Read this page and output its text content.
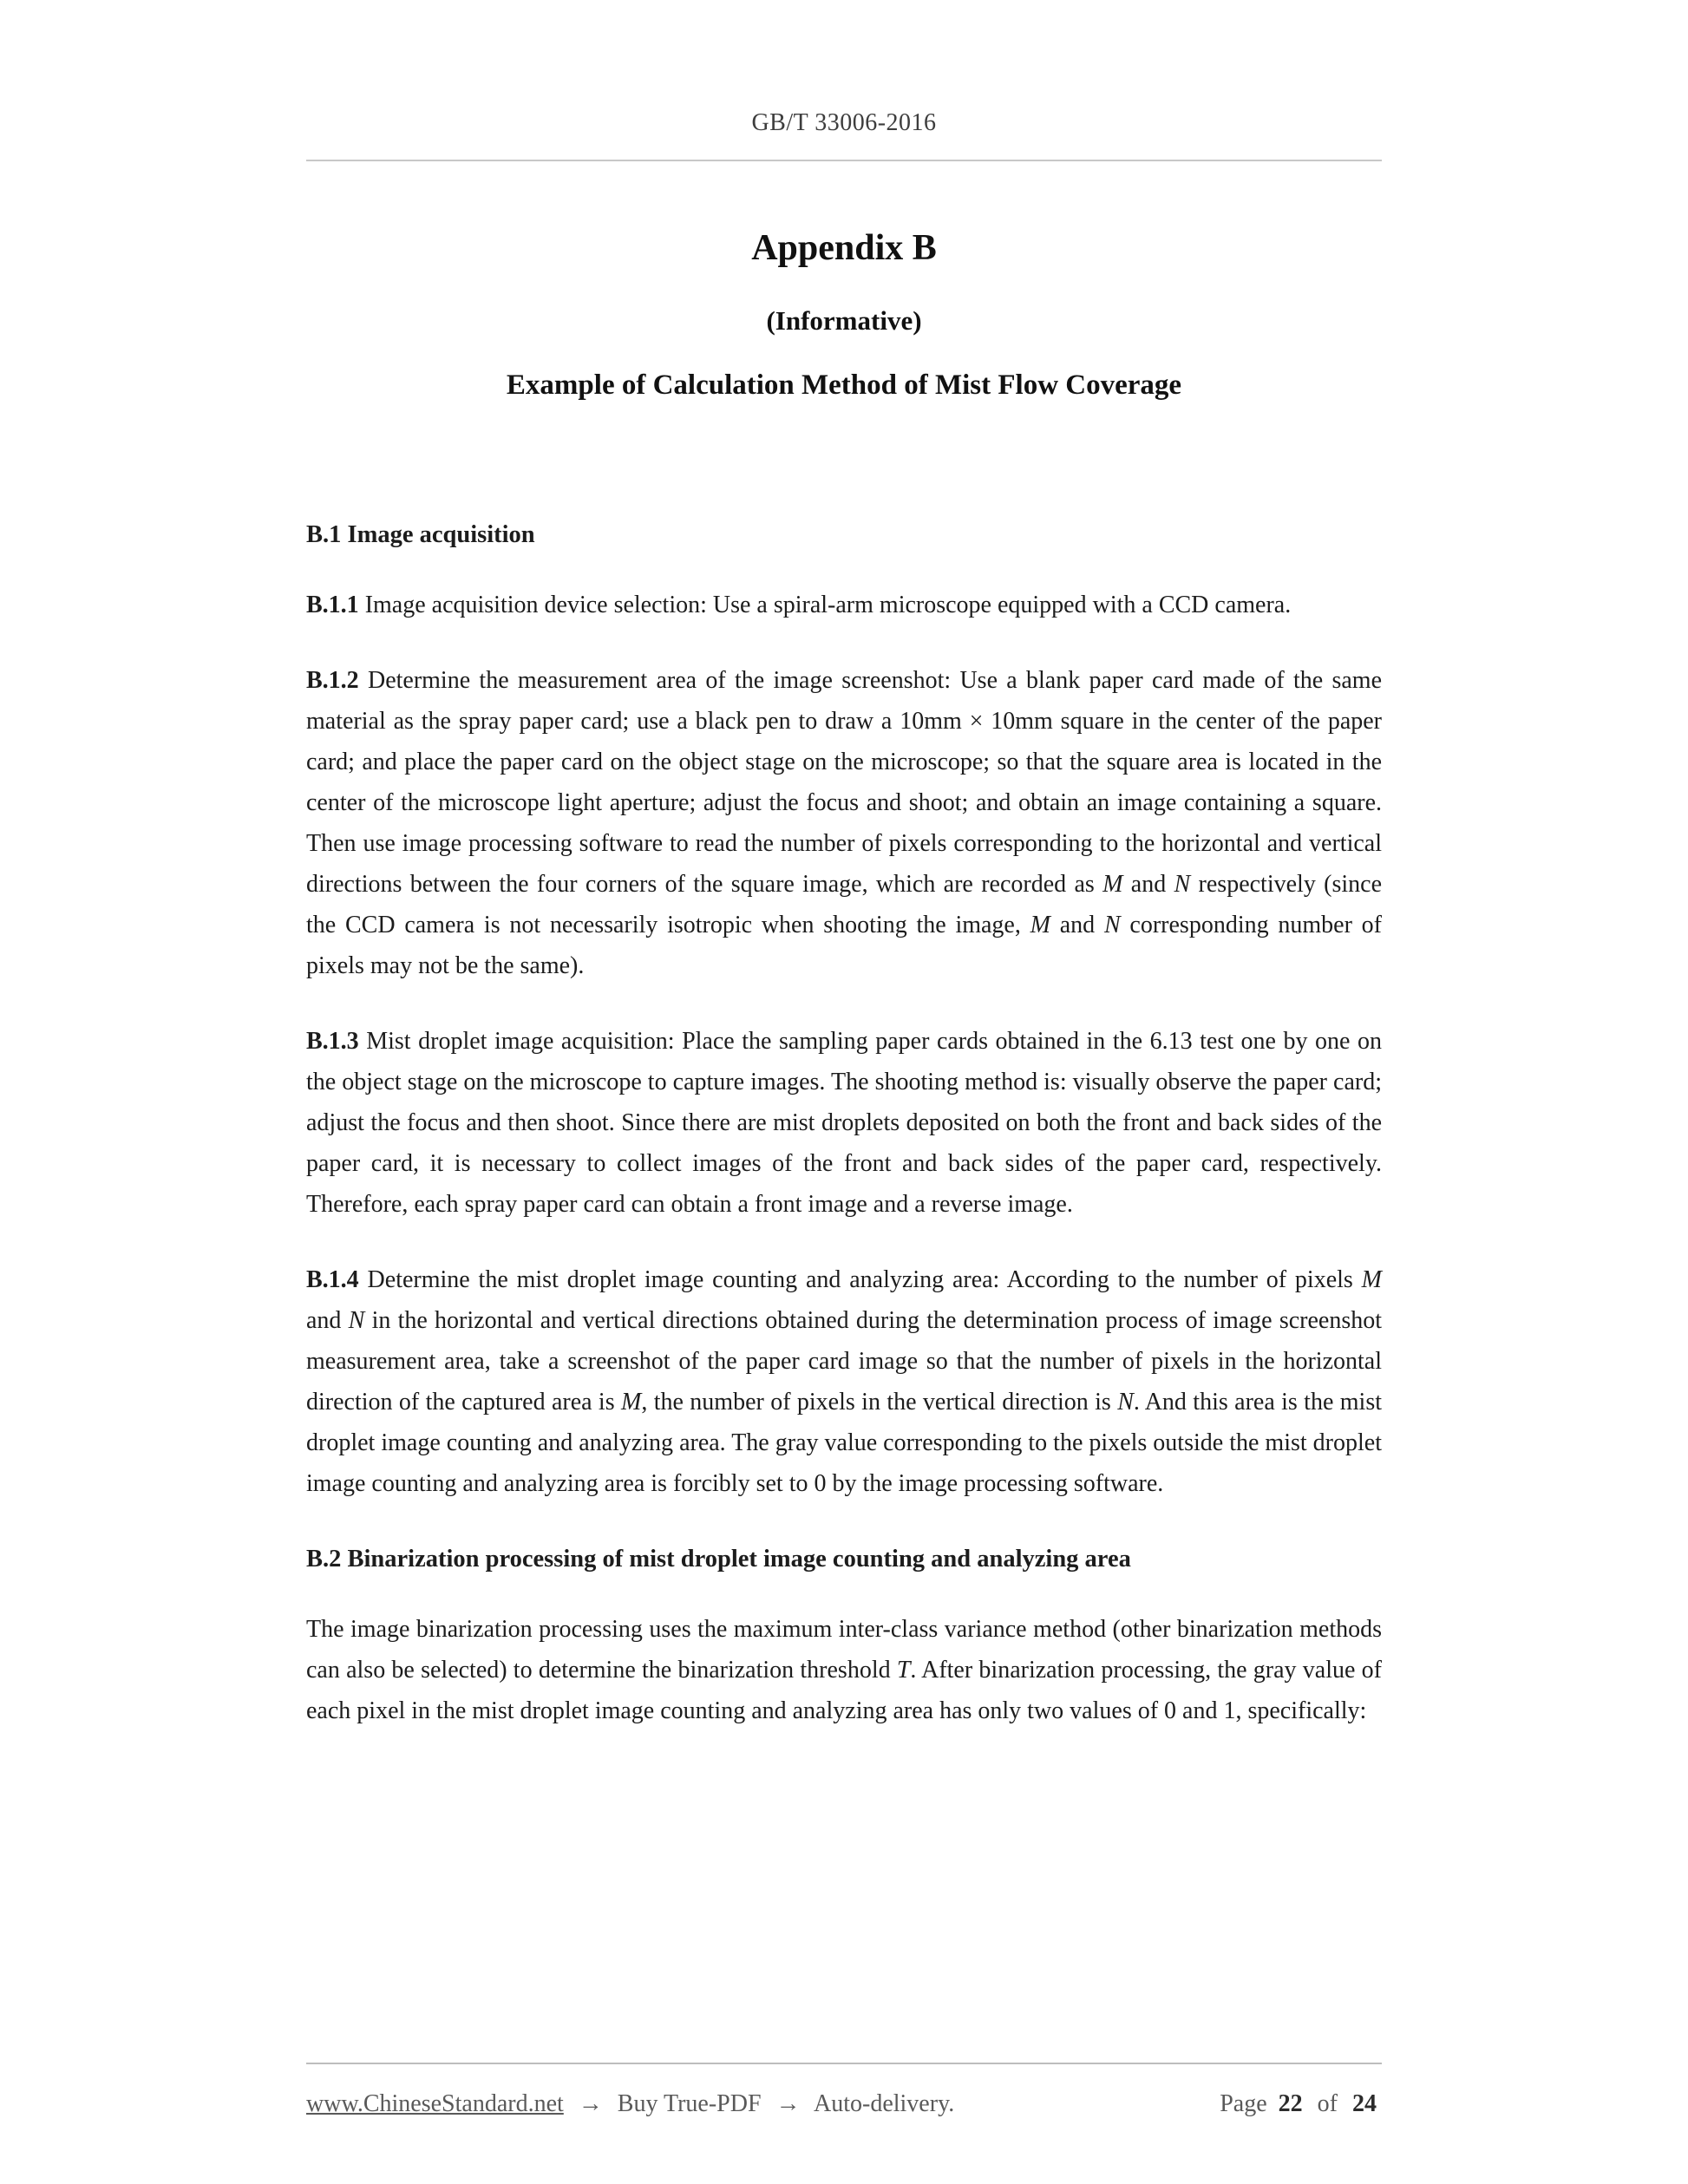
GB/T 33006-2016
Appendix B
(Informative)
Example of Calculation Method of Mist Flow Coverage
B.1 Image acquisition
B.1.1 Image acquisition device selection: Use a spiral-arm microscope equipped with a CCD camera.
B.1.2 Determine the measurement area of the image screenshot: Use a blank paper card made of the same material as the spray paper card; use a black pen to draw a 10mm × 10mm square in the center of the paper card; and place the paper card on the object stage on the microscope; so that the square area is located in the center of the microscope light aperture; adjust the focus and shoot; and obtain an image containing a square. Then use image processing software to read the number of pixels corresponding to the horizontal and vertical directions between the four corners of the square image, which are recorded as M and N respectively (since the CCD camera is not necessarily isotropic when shooting the image, M and N corresponding number of pixels may not be the same).
B.1.3 Mist droplet image acquisition: Place the sampling paper cards obtained in the 6.13 test one by one on the object stage on the microscope to capture images. The shooting method is: visually observe the paper card; adjust the focus and then shoot. Since there are mist droplets deposited on both the front and back sides of the paper card, it is necessary to collect images of the front and back sides of the paper card, respectively. Therefore, each spray paper card can obtain a front image and a reverse image.
B.1.4 Determine the mist droplet image counting and analyzing area: According to the number of pixels M and N in the horizontal and vertical directions obtained during the determination process of image screenshot measurement area, take a screenshot of the paper card image so that the number of pixels in the horizontal direction of the captured area is M, the number of pixels in the vertical direction is N. And this area is the mist droplet image counting and analyzing area. The gray value corresponding to the pixels outside the mist droplet image counting and analyzing area is forcibly set to 0 by the image processing software.
B.2 Binarization processing of mist droplet image counting and analyzing area
The image binarization processing uses the maximum inter-class variance method (other binarization methods can also be selected) to determine the binarization threshold T. After binarization processing, the gray value of each pixel in the mist droplet image counting and analyzing area has only two values of 0 and 1, specifically:
www.ChineseStandard.net → Buy True-PDF → Auto-delivery.	Page 22 of 24
